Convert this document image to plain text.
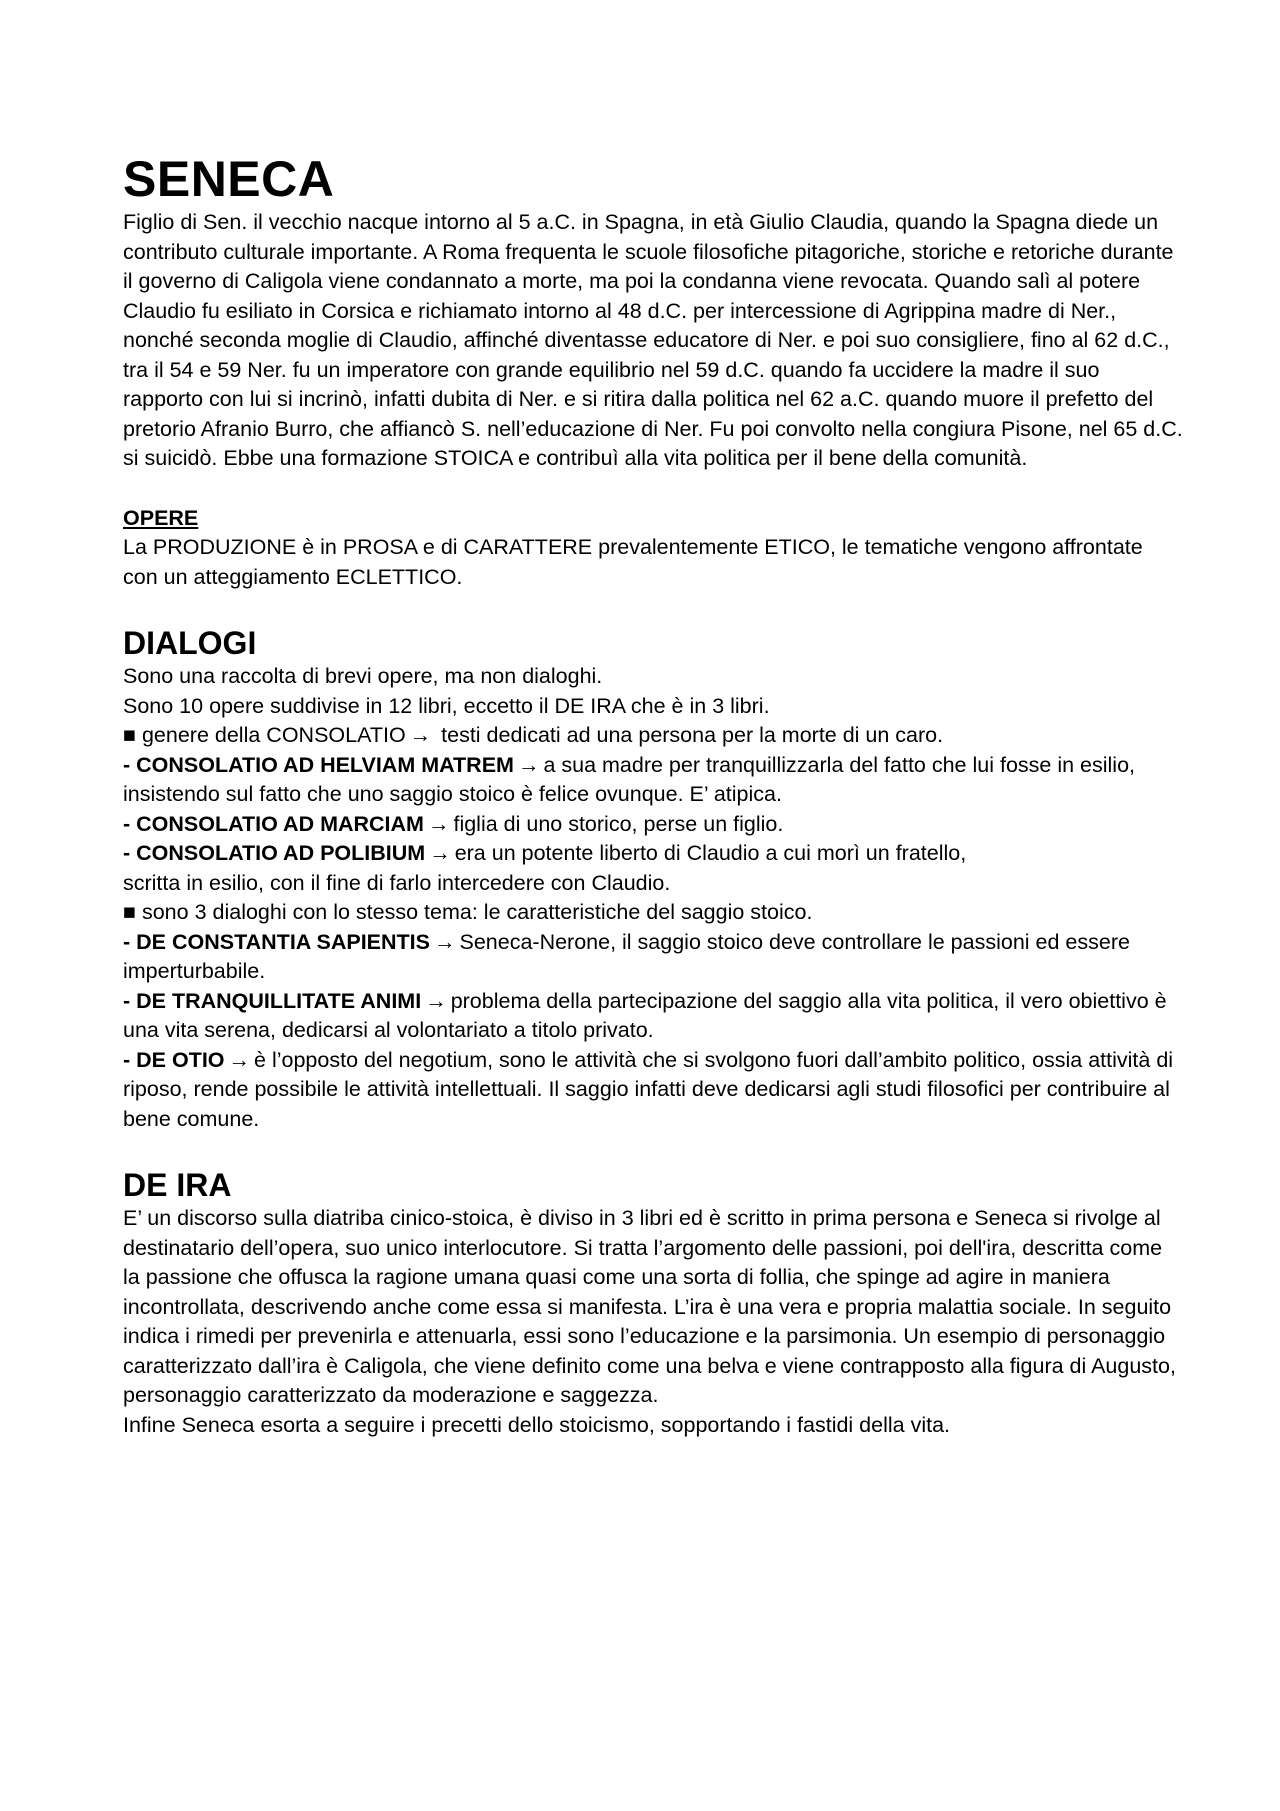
SENECA

Figlio di Sen. il vecchio nacque intorno al 5 a.C. in Spagna, in età Giulio Claudia, quando la Spagna diede un contributo culturale importante. A Roma frequenta le scuole filosofiche pitagoriche, storiche e retoriche durante il governo di Caligola viene condannato a morte, ma poi la condanna viene revocata. Quando salì al potere Claudio fu esiliato in Corsica e richiamato intorno al 48 d.C. per intercessione di Agrippina madre di Ner., nonché seconda moglie di Claudio, affinché diventasse educatore di Ner. e poi suo consigliere, fino al 62 d.C., tra il 54 e 59 Ner. fu un imperatore con grande equilibrio nel 59 d.C. quando fa uccidere la madre il suo rapporto con lui si incrinò, infatti dubita di Ner. e si ritira dalla politica nel 62 a.C. quando muore il prefetto del pretorio Afranio Burro, che affiancò S. nell’educazione di Ner. Fu poi convolto nella congiura Pisone, nel 65 d.C. si suicidò. Ebbe una formazione STOICA e contribuì alla vita politica per il bene della comunità.

OPERE

La PRODUZIONE è in PROSA e di CARATTERE prevalentemente ETICO, le tematiche vengono affrontate con un atteggiamento ECLETTICO.

DIALOGI

Sono una raccolta di brevi opere, ma non dialoghi.

Sono 10 opere suddivise in 12 libri, eccetto il DE IRA che è in 3 libri.

■ genere della CONSOLATIO → testi dedicati ad una persona per la morte di un caro.

- CONSOLATIO AD HELVIAM MATREM → a sua madre per tranquillizzarla del fatto che lui fosse in esilio, insistendo sul fatto che uno saggio stoico è felice ovunque. E’ atipica.

- CONSOLATIO AD MARCIAM → figlia di uno storico, perse un figlio.

- CONSOLATIO AD POLIBIUM → era un potente liberto di Claudio a cui morì un fratello,
scritta in esilio, con il fine di farlo intercedere con Claudio.

■ sono 3 dialoghi con lo stesso tema: le caratteristiche del saggio stoico.

- DE CONSTANTIA SAPIENTIS → Seneca-Nerone, il saggio stoico deve controllare le passioni ed essere imperturbabile.

- DE TRANQUILLITATE ANIMI → problema della partecipazione del saggio alla vita politica, il vero obiettivo è una vita serena, dedicarsi al volontariato a titolo privato.

- DE OTIO → è l’opposto del negotium, sono le attività che si svolgono fuori dall’ambito politico, ossia attività di riposo, rende possibile le attività intellettuali. Il saggio infatti deve dedicarsi agli studi filosofici per contribuire al bene comune.

DE IRA

E’ un discorso sulla diatriba cinico-stoica, è diviso in 3 libri ed è scritto in prima persona e Seneca si rivolge al destinatario dell’opera, suo unico interlocutore. Si tratta l’argomento delle passioni, poi dell'ira, descritta come la passione che offusca la ragione umana quasi come una sorta di follia, che spinge ad agire in maniera incontrollata, descrivendo anche come essa si manifesta. L’ira è una vera e propria malattia sociale. In seguito indica i rimedi per prevenirla e attenuarla, essi sono l’educazione e la parsimonia. Un esempio di personaggio caratterizzato dall’ira è Caligola, che viene definito come una belva e viene contrapposto alla figura di Augusto, personaggio caratterizzato da moderazione e saggezza.

Infine Seneca esorta a seguire i precetti dello stoicismo, sopportando i fastidi della vita.
